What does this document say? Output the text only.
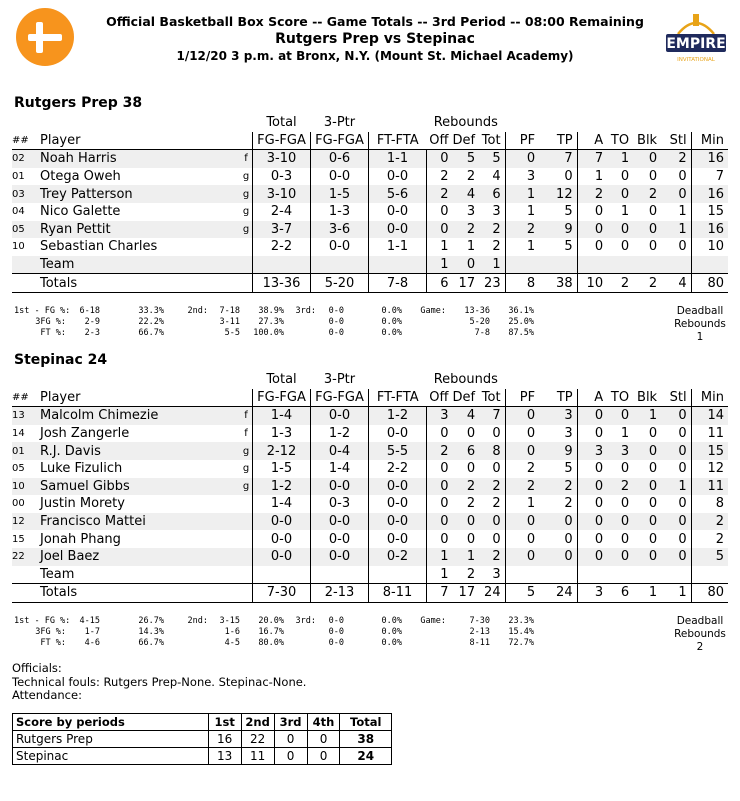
Official Basketball Box Score -- Game Totals -- 3rd Period -- 08:00 Remaining
Rutgers Prep vs Stepinac
1/12/20 3 p.m. at Bronx, N.Y. (Mount St. Michael Academy)
EMPIRE
INVITATIONAL
Rutgers Prep 38
			Total	3-Ptr		Rebounds									
##	Player		FG-FGA	FG-FGA	FT-FTA	Off	Def	Tot	PF	TP	A	TO	Blk	Stl	Min
02	Noah Harris	f	3-10	0-6	1-1	0	5	5	0	7	7	1	0	2	16
01	Otega Oweh	g	0-3	0-0	0-0	2	2	4	3	0	1	0	0	0	7
03	Trey Patterson	g	3-10	1-5	5-6	2	4	6	1	12	2	0	2	0	16
04	Nico Galette	g	2-4	1-3	0-0	0	3	3	1	5	0	1	0	1	15
05	Ryan Pettit	g	3-7	3-6	0-0	0	2	2	2	9	0	0	0	1	16
10	Sebastian Charles		2-2	0-0	1-1	1	1	2	1	5	0	0	0	0	10
	Team					1	0	1							
	Totals		13-36	5-20	7-8	6	17	23	8	38	10	2	2	4	80
1st - FG %:	6-18	33.3%	2nd:	7-18	38.9% 3rd:	0-0	0.0%	Game:	13-36	36.1%
3FG %:	2-9	22.2%	3-11	27.3%	0-0	0.0%	5-20	25.0%
FT %:	2-3	66.7%	5-5	100.0%	0-0	0.0%	7-8	87.5%
Deadball
Rebounds
1
Stepinac 24
			Total	3-Ptr		Rebounds									
##	Player		FG-FGA	FG-FGA	FT-FTA	Off	Def	Tot	PF	TP	A	TO	Blk	Stl	Min
13	Malcolm Chimezie	f	1-4	0-0	1-2	3	4	7	0	3	0	0	1	0	14
14	Josh Zangerle	f	1-3	1-2	0-0	0	0	0	0	3	0	1	0	0	11
01	R.J. Davis	g	2-12	0-4	5-5	2	6	8	0	9	3	3	0	0	15
05	Luke Fizulich	g	1-5	1-4	2-2	0	0	0	2	5	0	0	0	0	12
10	Samuel Gibbs	g	1-2	0-0	0-0	0	2	2	2	2	0	2	0	1	11
00	Justin Morety		1-4	0-3	0-0	0	2	2	1	2	0	0	0	0	8
12	Francisco Mattei		0-0	0-0	0-0	0	0	0	0	0	0	0	0	0	2
15	Jonah Phang		0-0	0-0	0-0	0	0	0	0	0	0	0	0	0	2
22	Joel Baez		0-0	0-0	0-2	1	1	2	0	0	0	0	0	0	5
	Team					1	2	3							
	Totals		7-30	2-13	8-11	7	17	24	5	24	3	6	1	1	80
1st - FG %:	4-15	26.7%	2nd:	3-15	20.0% 3rd:	0-0	0.0%	Game:	7-30	23.3%
3FG %:	1-7	14.3%	1-6	16.7%	0-0	0.0%	2-13	15.4%
FT %:	4-6	66.7%	4-5	80.0%	0-0	0.0%	8-11	72.7%
Deadball
Rebounds
2
Officials:
Technical fouls: Rutgers Prep-None. Stepinac-None.
Attendance:
Score by periods	1st	2nd	3rd	4th	Total
Rutgers Prep	16	22	0	0	38
Stepinac	13	11	0	0	24
